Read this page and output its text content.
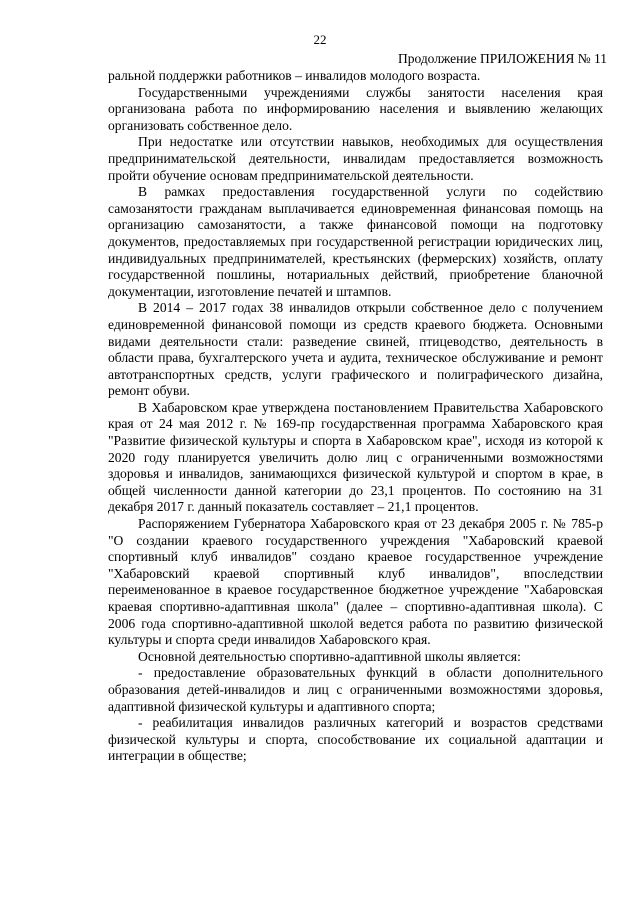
22
Продолжение ПРИЛОЖЕНИЯ № 11

ральной поддержки работников – инвалидов молодого возраста.

Государственными учреждениями службы занятости населения края организована работа по информированию населения и выявлению желающих организовать собственное дело.

При недостатке или отсутствии навыков, необходимых для осуществления предпринимательской деятельности, инвалидам предоставляется возможность пройти обучение основам предпринимательской деятельности.

В рамках предоставления государственной услуги по содействию самозанятости гражданам выплачивается единовременная финансовая помощь на организацию самозанятости, а также финансовой помощи на подготовку документов, предоставляемых при государственной регистрации юридических лиц, индивидуальных предпринимателей, крестьянских (фермерских) хозяйств, оплату государственной пошлины, нотариальных действий, приобретение бланочной документации, изготовление печатей и штампов.

В 2014 – 2017 годах 38 инвалидов открыли собственное дело с получением единовременной финансовой помощи из средств краевого бюджета. Основными видами деятельности стали: разведение свиней, птицеводство, деятельность в области права, бухгалтерского учета и аудита, техническое обслуживание и ремонт автотранспортных средств, услуги графического и полиграфического дизайна, ремонт обуви.

В Хабаровском крае утверждена постановлением Правительства Хабаровского края от 24 мая 2012 г. № 169-пр государственная программа Хабаровского края "Развитие физической культуры и спорта в Хабаровском крае", исходя из которой к 2020 году планируется увеличить долю лиц с ограниченными возможностями здоровья и инвалидов, занимающихся физической культурой и спортом в крае, в общей численности данной категории до 23,1 процентов. По состоянию на 31 декабря 2017 г. данный показатель составляет – 21,1 процентов.

Распоряжением Губернатора Хабаровского края от 23 декабря 2005 г. № 785-р "О создании краевого государственного учреждения "Хабаровский краевой спортивный клуб инвалидов" создано краевое государственное учреждение "Хабаровский краевой спортивный клуб инвалидов", впоследствии переименованное в краевое государственное бюджетное учреждение "Хабаровская краевая спортивно-адаптивная школа" (далее – спортивно-адаптивная школа). С 2006 года спортивно-адаптивной школой ведется работа по развитию физической культуры и спорта среди инвалидов Хабаровского края.

Основной деятельностью спортивно-адаптивной школы является:

- предоставление образовательных функций в области дополнительного образования детей-инвалидов и лиц с ограниченными возможностями здоровья, адаптивной физической культуры и адаптивного спорта;

- реабилитация инвалидов различных категорий и возрастов средствами физической культуры и спорта, способствование их социальной адаптации и интеграции в обществе;
